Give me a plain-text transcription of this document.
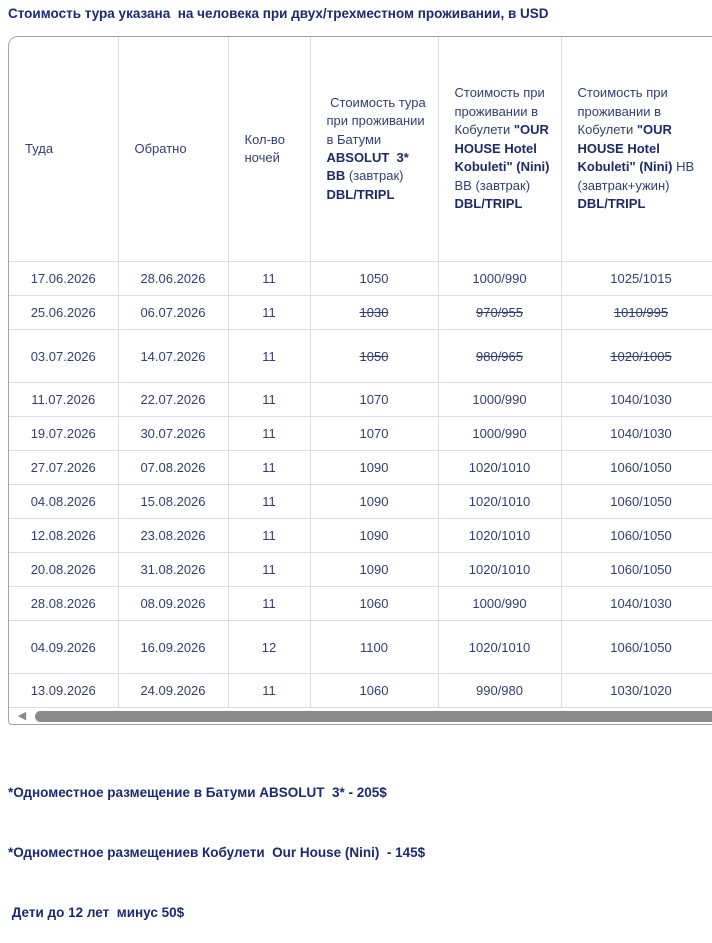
Стоимость тура указана  на человека при двух/трехместном проживании, в USD
Туда	Обратно	Кол-во ночей	Стоимость тура при проживании в Батуми ABSOLUT  3* BB (завтрак) DBL/TRIPL	Стоимость при проживании в Кобулети "OUR HOUSE Hotel Kobuleti" (Nini) BB (завтрак) DBL/TRIPL	Стоимость при проживании в Кобулети "OUR HOUSE Hotel Kobuleti" (Nini) HB (завтрак+ужин) DBL/TRIPL
17.06.2026	28.06.2026	11	1050	1000/990	1025/1015
25.06.2026	06.07.2026	11	1030	970/955	1010/995
03.07.2026	14.07.2026	11	1050	980/965	1020/1005
11.07.2026	22.07.2026	11	1070	1000/990	1040/1030
19.07.2026	30.07.2026	11	1070	1000/990	1040/1030
27.07.2026	07.08.2026	11	1090	1020/1010	1060/1050
04.08.2026	15.08.2026	11	1090	1020/1010	1060/1050
12.08.2026	23.08.2026	11	1090	1020/1010	1060/1050
20.08.2026	31.08.2026	11	1090	1020/1010	1060/1050
28.08.2026	08.09.2026	11	1060	1000/990	1040/1030
04.09.2026	16.09.2026	12	1100	1020/1010	1060/1050
13.09.2026	24.09.2026	11	1060	990/980	1030/1020
◀

*Одноместное размещение в Батуми ABSOLUT  3* - 205$

*Одноместное размещениев Кобулети  Our House (Nini)  - 145$

Дети до 12 лет  минус 50$
